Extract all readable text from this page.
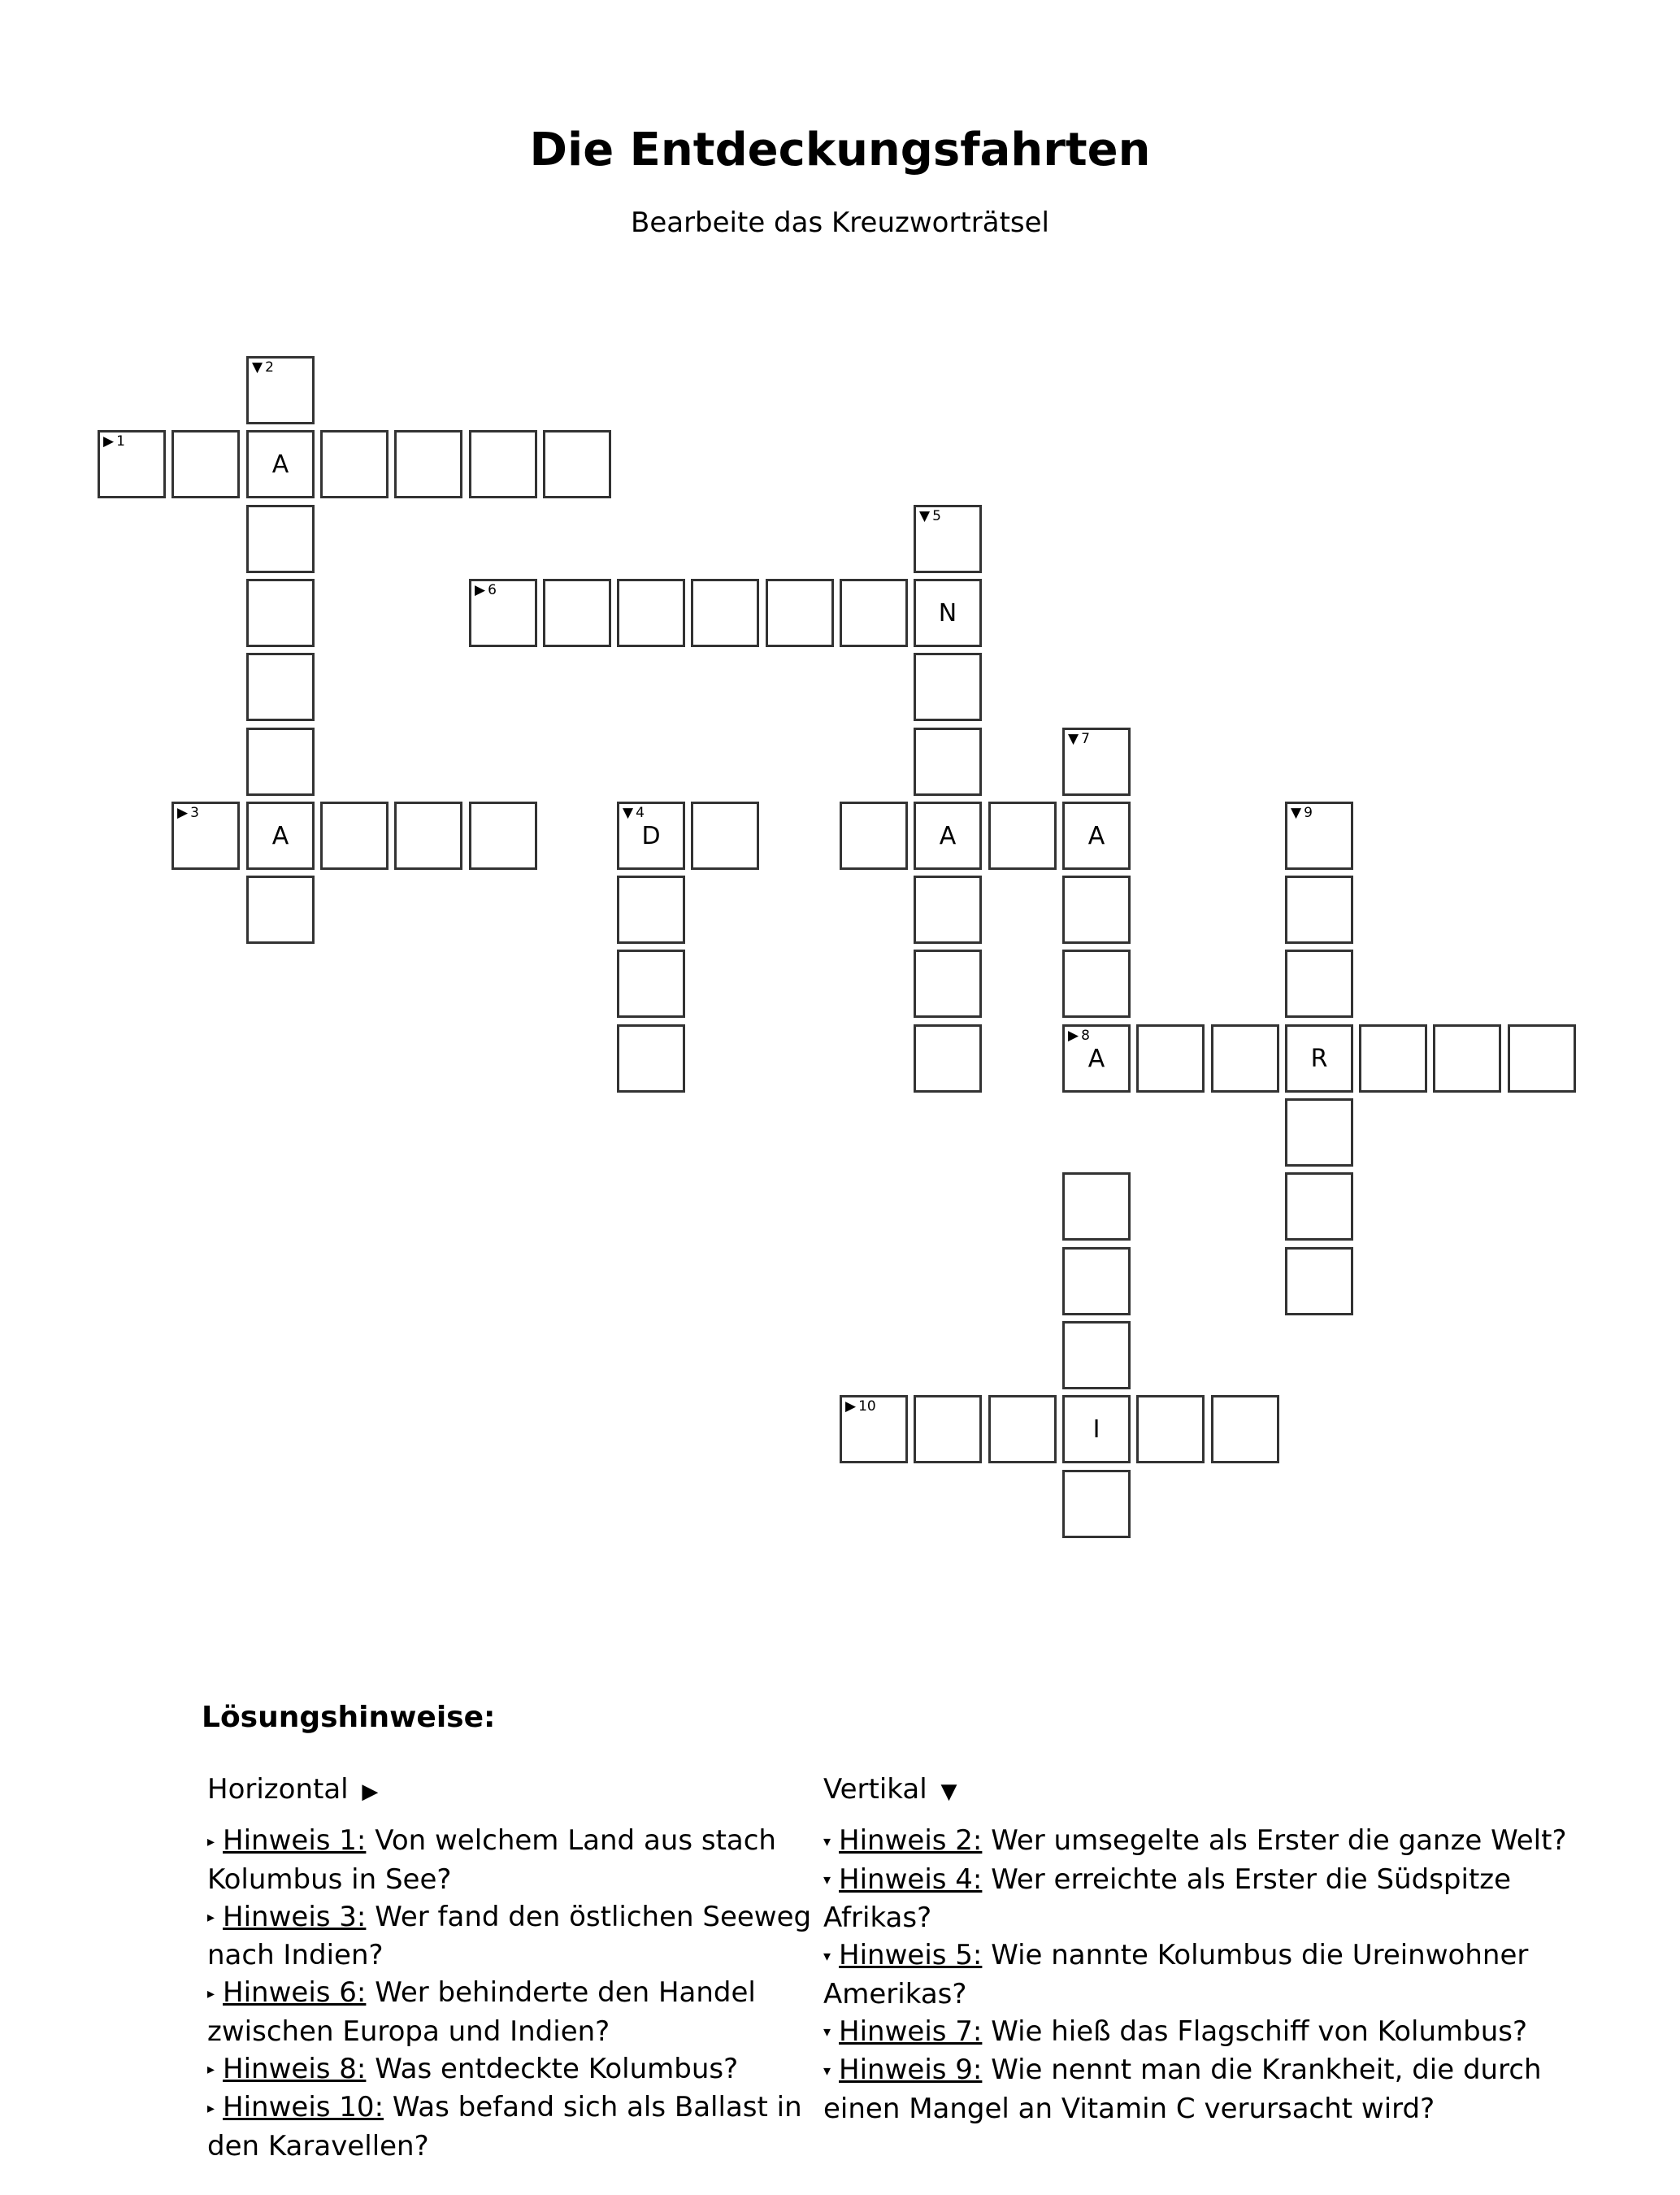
Die Entdeckungsfahrten
Bearbeite das Kreuzworträtsel
▼ 2
▶ 1
A
▼ 5
▶ 6
N
▼ 7
▶ 3
A
▼ 4
D	A	A
▼ 9
▶ 8
A	R
▶ 10
I
Lösungshinweise:
Horizontal ▶
▸ Hinweis 1: Von welchem Land aus stach Kolumbus in See?
▸ Hinweis 3: Wer fand den östlichen Seeweg nach Indien?
▸ Hinweis 6: Wer behinderte den Handel zwischen Europa und Indien?
▸ Hinweis 8: Was entdeckte Kolumbus?
▸ Hinweis 10: Was befand sich als Ballast in den Karavellen?
Vertikal ▼
▾ Hinweis 2: Wer umsegelte als Erster die ganze Welt?
▾ Hinweis 4: Wer erreichte als Erster die Südspitze Afrikas?
▾ Hinweis 5: Wie nannte Kolumbus die Ureinwohner Amerikas?
▾ Hinweis 7: Wie hieß das Flagschiff von Kolumbus?
▾ Hinweis 9: Wie nennt man die Krankheit, die durch einen Mangel an Vitamin C verursacht wird?
